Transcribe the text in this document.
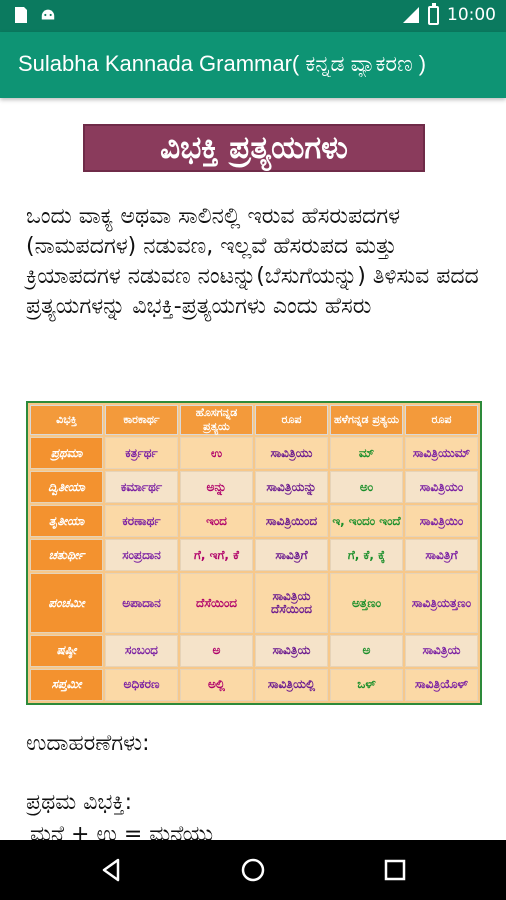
10:00
Sulabha Kannada Grammar( ಕನ್ನಡ ವ್ಯಾಕರಣ )
ವಿಭಕ್ತಿ ಪ್ರತ್ಯಯಗಳು

ಒಂದು ವಾಕ್ಯ ಅಥವಾ ಸಾಲಿನಲ್ಲಿ ಇರುವ ಹೆಸರುಪದಗಳ (ನಾಮಪದಗಳ) ನಡುವಣ, ಇಲ್ಲವೆ ಹೆಸರುಪದ ಮತ್ತು ಕ್ರಿಯಾಪದಗಳ ನಡುವಣ ನಂಟನ್ನು(ಬೆಸುಗೆಯನ್ನು) ತಿಳಿಸುವ ಪದದ ಪ್ರತ್ಯಯಗಳನ್ನು ವಿಭಕ್ತಿ-ಪ್ರತ್ಯಯಗಳು ಎಂದು ಹೆಸರು

ವಿಭಕ್ತಿ	ಕಾರಕಾರ್ಥ	ಹೊಸಗನ್ನಡ ಪ್ರತ್ಯಯ	ರೂಪ	ಹಳೆಗನ್ನಡ ಪ್ರತ್ಯಯ	ರೂಪ
ಪ್ರಥಮಾ	ಕರ್ತ್ರರ್ಥ	ಉ	ಸಾವಿತ್ರಿಯು	ಮ್	ಸಾವಿತ್ರಿಯುಮ್
ದ್ವಿತೀಯಾ	ಕರ್ಮಾರ್ಥ	ಅನ್ನು	ಸಾವಿತ್ರಿಯನ್ನು	ಅಂ	ಸಾವಿತ್ರಿಯಂ
ತೃತೀಯಾ	ಕರಣಾರ್ಥ	ಇಂದ	ಸಾವಿತ್ರಿಯಿಂದ	ಇ, ಇಂದಂ ಇಂದೆ	ಸಾವಿತ್ರಿಯಿಂ
ಚತುರ್ಥೀ	ಸಂಪ್ರದಾನ	ಗೆ, ಇಗೆ, ಕೆ	ಸಾವಿತ್ರಿಗೆ	ಗೆ, ಕೆ, ಕ್ಕೆ	ಸಾವಿತ್ರಿಗೆ
ಪಂಚಮೀ	ಅಪಾದಾನ	ದೆಸೆಯಿಂದ	ಸಾವಿತ್ರಿಯ ದೆಸೆಯಿಂದ	ಅತ್ತಣಂ	ಸಾವಿತ್ರಿಯತ್ತಣಂ
ಷಷ್ಠೀ	ಸಂಬಂಧ	ಅ	ಸಾವಿತ್ರಿಯ	ಅ	ಸಾವಿತ್ರಿಯ
ಸಪ್ತಮೀ	ಅಧಿಕರಣ	ಅಲ್ಲಿ	ಸಾವಿತ್ರಿಯಲ್ಲಿ	ಒಳ್	ಸಾವಿತ್ರಿಯೊಳ್
ಉದಾಹರಣೆಗಳು:
ಪ್ರಥಮ ವಿಭಕ್ತಿ:
ಮನೆ + ಉ = ಮನೆಯು
